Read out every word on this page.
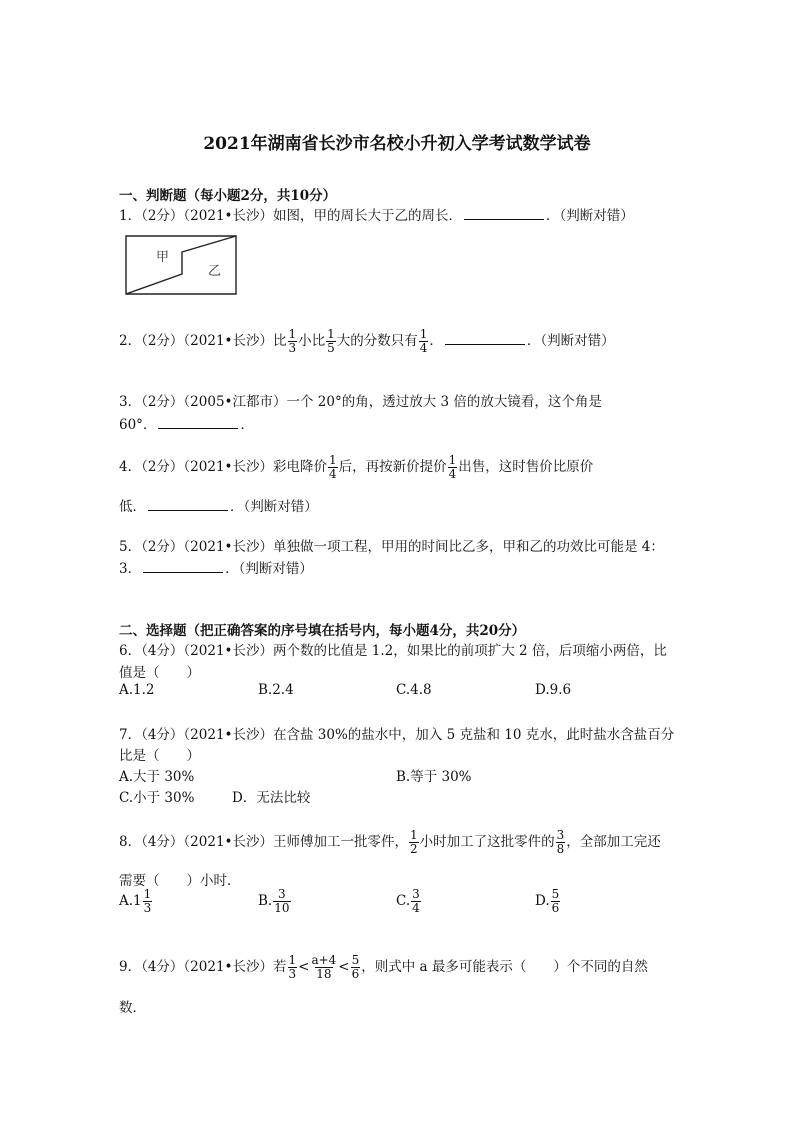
2021年湖南省长沙市名校小升初入学考试数学试卷
一、判断题（每小题2分，共10分）
1．（2分）（2021•长沙）如图，甲的周长大于乙的周长．	．（判断对错）
甲
乙
2．（2分）（2021•长沙）比 $\frac{1}{3}$ 小比 $\frac{1}{5}$ 大的分数只有 $\frac{1}{4}$ ．	．（判断对错）
3．（2分）（2005•江都市）一个 20°的角，透过放大 3 倍的放大镜看，这个角是
60°．	．
4．（2分）（2021•长沙）彩电降价 $\frac{1}{4}$ 后，再按新价提价 $\frac{1}{4}$ 出售，这时售价比原价
低．	．（判断对错）
5．（2分）（2021•长沙）单独做一项工程，甲用的时间比乙多，甲和乙的功效比可能是 4：
3．	．（判断对错）
二、选择题（把正确答案的序号填在括号内，每小题4分，共20分）
6．（4分）（2021•长沙）两个数的比值是 1.2，如果比的前项扩大 2 倍，后项缩小两倍，比
值是（　　）
A.1.2	B.2.4	C.4.8	D.9.6
7．（4分）（2021•长沙）在含盐 30%的盐水中，加入 5 克盐和 10 克水，此时盐水含盐百分
比是（　　）
A.大于 30%	B.等于 30%
C.小于 30%	D．无法比较
8．（4分）（2021•长沙）王师傅加工一批零件， $\frac{1}{2}$ 小时加工了这批零件的 $\frac{3}{8}$ ，全部加工完还
需要（　　）小时．
$A.1 \frac{1}{3}$	B. $\frac{3}{10}$	C. $\frac{3}{4}$	D. $\frac{5}{6}$
9．（4分）（2021•长沙）若 $\frac{1}{3} < \frac{a+4}{18} < \frac{5}{6}$ ，则式中 a 最多可能表示（　　）个不同的自然
数．
